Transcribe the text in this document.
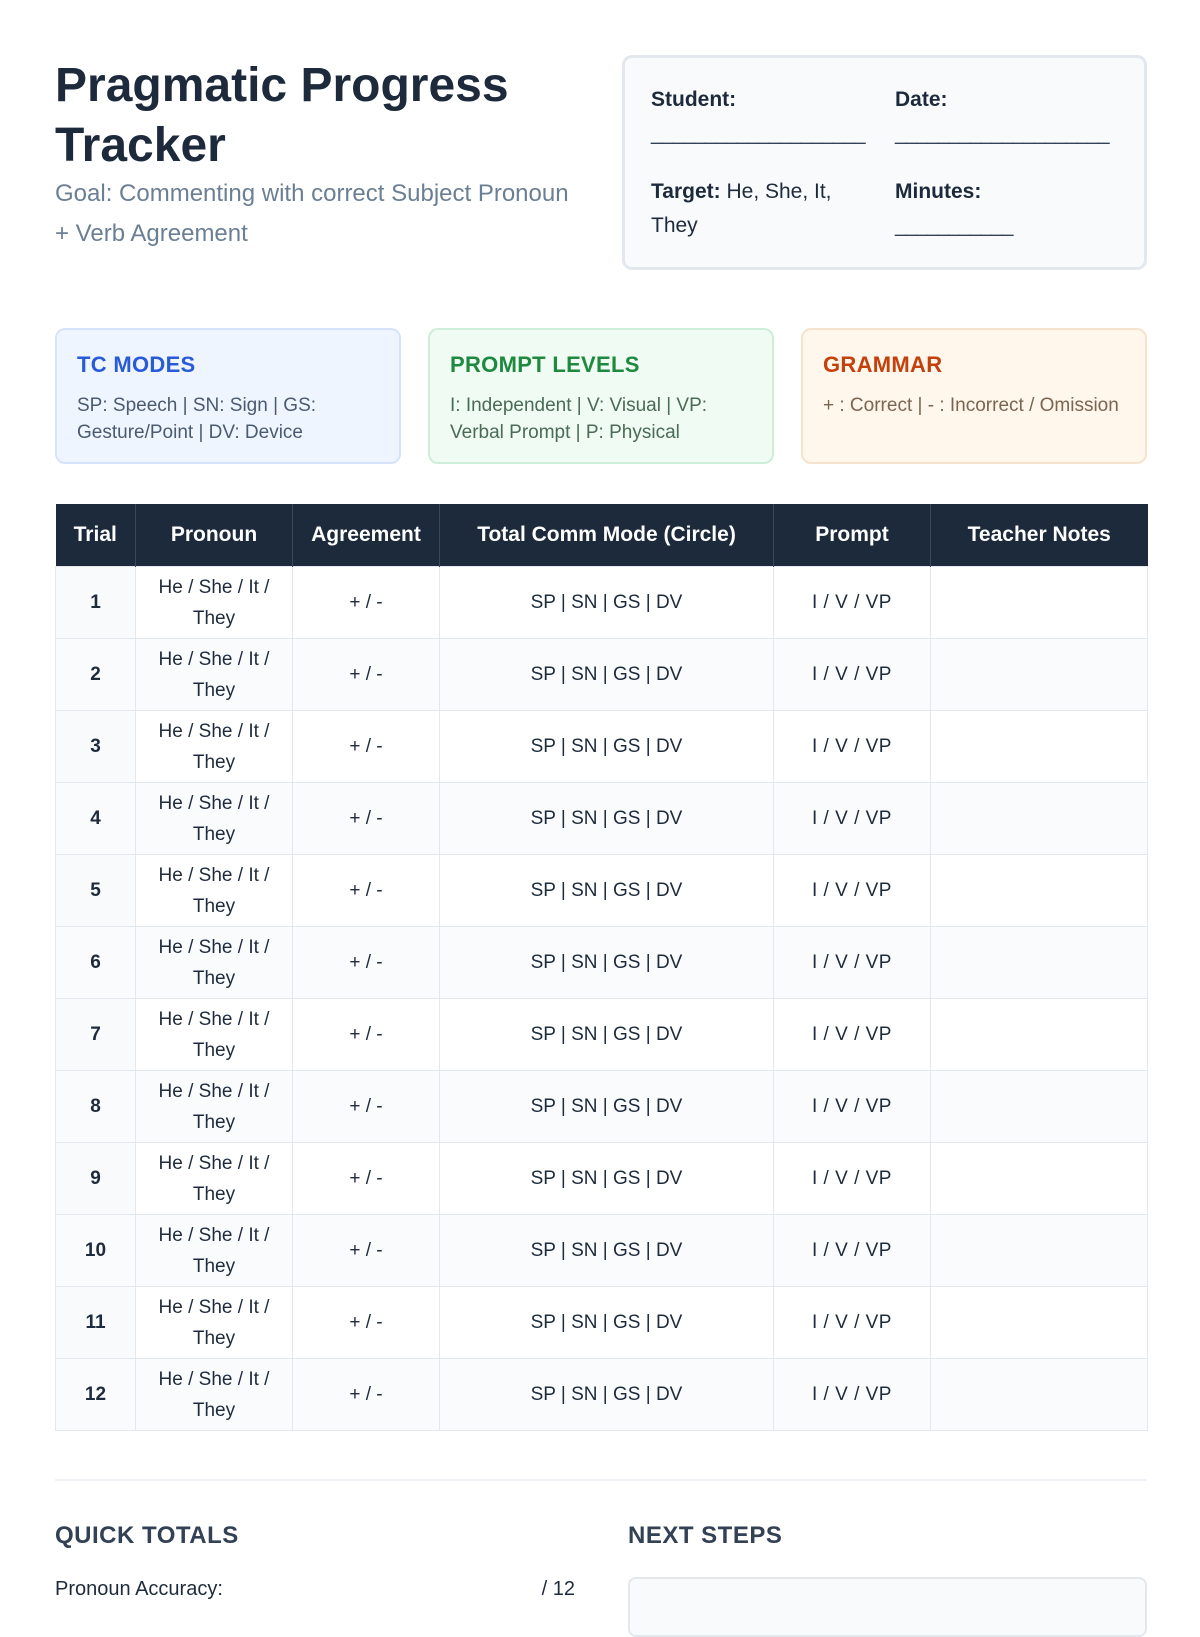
Pragmatic Progress Tracker
Goal: Commenting with correct Subject Pronoun + Verb Agreement
Student:
____________________
Date:
____________________
Target: He, She, It, They
Minutes:
___________
TC MODES

SP: Speech | SN: Sign | GS: Gesture/Point | DV: Device

PROMPT LEVELS

I: Independent | V: Visual | VP: Verbal Prompt | P: Physical

GRAMMAR

+ : Correct | - : Incorrect / Omission

Trial	Pronoun	Agreement	Total Comm Mode (Circle)	Prompt	Teacher Notes
1	He / She / It / They	+ / -	SP | SN | GS | DV	I / V / VP	
2	He / She / It / They	+ / -	SP | SN | GS | DV	I / V / VP	
3	He / She / It / They	+ / -	SP | SN | GS | DV	I / V / VP	
4	He / She / It / They	+ / -	SP | SN | GS | DV	I / V / VP	
5	He / She / It / They	+ / -	SP | SN | GS | DV	I / V / VP	
6	He / She / It / They	+ / -	SP | SN | GS | DV	I / V / VP	
7	He / She / It / They	+ / -	SP | SN | GS | DV	I / V / VP	
8	He / She / It / They	+ / -	SP | SN | GS | DV	I / V / VP	
9	He / She / It / They	+ / -	SP | SN | GS | DV	I / V / VP	
10	He / She / It / They	+ / -	SP | SN | GS | DV	I / V / VP	
11	He / She / It / They	+ / -	SP | SN | GS | DV	I / V / VP	
12	He / She / It / They	+ / -	SP | SN | GS | DV	I / V / VP	
QUICK TOTALS
Pronoun Accuracy:	/ 12
NEXT STEPS
